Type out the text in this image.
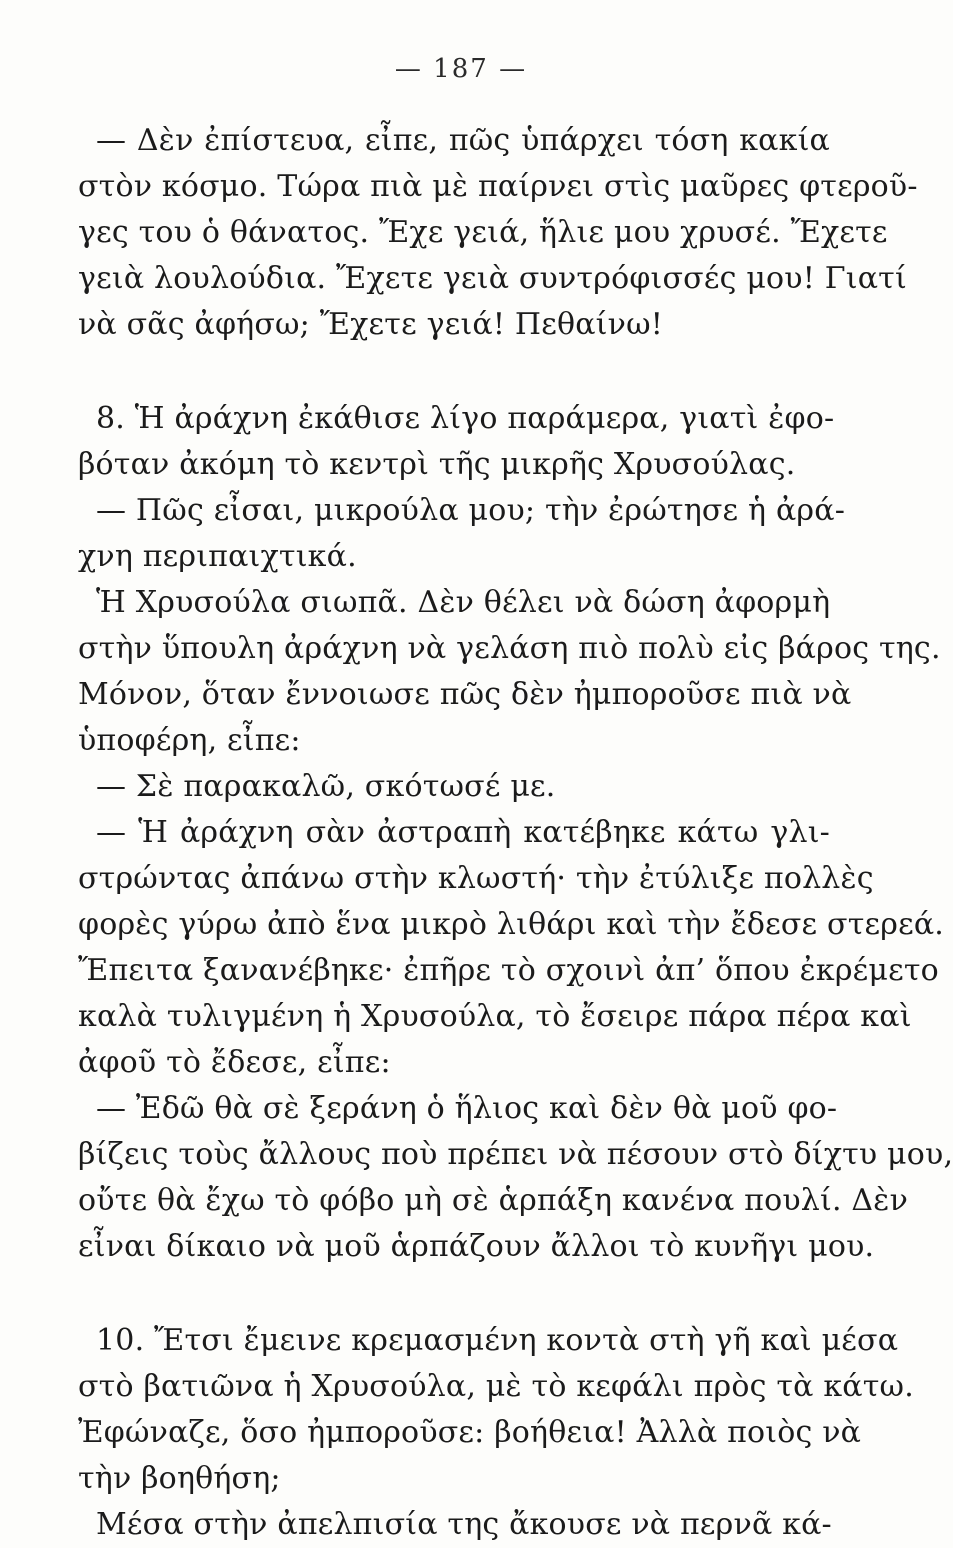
— 187 —
— Δὲν ἐπίστευα, εἶπε, πῶς ὑπάρχει τόση κακία
στὸν κόσμο. Τώρα πιὰ μὲ παίρνει στὶς μαῦρες φτεροῦ-
γες του ὁ θάνατος. Ἔχε γειά, ἥλιε μου χρυσέ. Ἔχετε
γειὰ λουλούδια. Ἔχετε γειὰ συντρόφισσές μου! Γιατί
νὰ σᾶς ἀφήσω; Ἔχετε γειά! Πεθαίνω!
8. Ἡ ἀράχνη ἐκάθισε λίγο παράμερα, γιατὶ ἐφο-
βόταν ἀκόμη τὸ κεντρὶ τῆς μικρῆς Χρυσούλας.
— Πῶς εἶσαι, μικρούλα μου; τὴν ἐρώτησε ἡ ἀρά-
χνη περιπαιχτικά.
Ἡ Χρυσούλα σιωπᾶ. Δὲν θέλει νὰ δώση ἀφορμὴ
στὴν ὕπουλη ἀράχνη νὰ γελάση πιὸ πολὺ εἰς βάρος της.
Μόνον, ὅταν ἔννοιωσε πῶς δὲν ἠμποροῦσε πιὰ νὰ
ὑποφέρη, εἶπε:
— Σὲ παρακαλῶ, σκότωσέ με.
— Ἡ ἀράχνη σὰν ἀστραπὴ κατέβηκε κάτω γλι-
στρώντας ἀπάνω στὴν κλωστή· τὴν ἐτύλιξε πολλὲς
φορὲς γύρω ἀπὸ ἕνα μικρὸ λιθάρι καὶ τὴν ἔδεσε στερεά.
Ἔπειτα ξανανέβηκε· ἐπῆρε τὸ σχοινὶ ἀπ’ ὅπου ἐκρέμετο
καλὰ τυλιγμένη ἡ Χρυσούλα, τὸ ἔσειρε πάρα πέρα καὶ
ἀφοῦ τὸ ἔδεσε, εἶπε:
— Ἐδῶ θὰ σὲ ξεράνη ὁ ἥλιος καὶ δὲν θὰ μοῦ φο-
βίζεις τοὺς ἄλλους ποὺ πρέπει νὰ πέσουν στὸ δίχτυ μου,
οὔτε θὰ ἔχω τὸ φόβο μὴ σὲ ἁρπάξη κανένα πουλί. Δὲν
εἶναι δίκαιο νὰ μοῦ ἁρπάζουν ἄλλοι τὸ κυνῆγι μου.
10. Ἔτσι ἔμεινε κρεμασμένη κοντὰ στὴ γῆ καὶ μέσα
στὸ βατιῶνα ἡ Χρυσούλα, μὲ τὸ κεφάλι πρὸς τὰ κάτω.
Ἐφώναζε, ὅσο ἠμποροῦσε: βοήθεια! Ἀλλὰ ποιὸς νὰ
τὴν βοηθήση;
Μέσα στὴν ἀπελπισία της ἄκουσε νὰ περνᾶ κά-
